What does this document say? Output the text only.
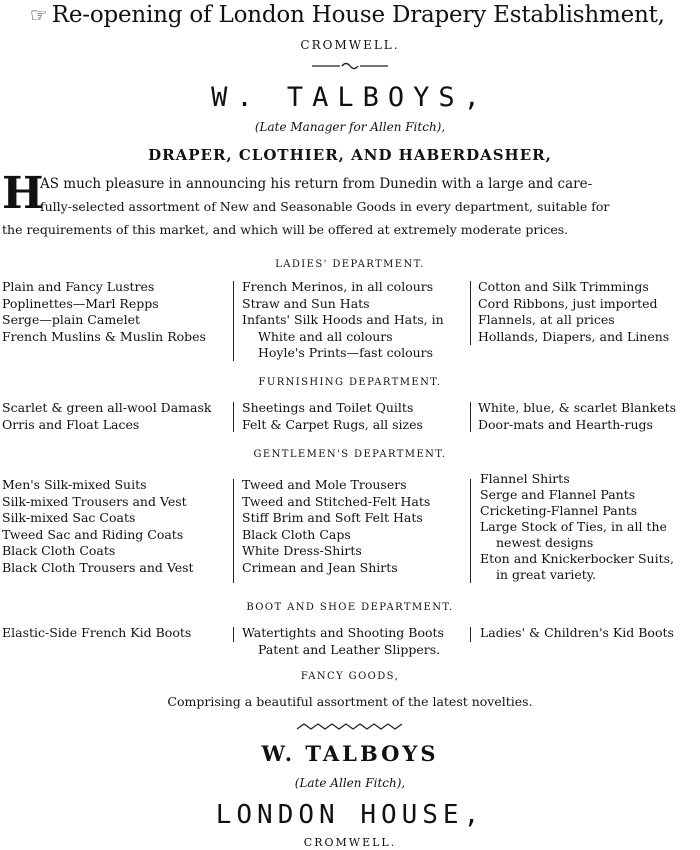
☜ Re-opening of London House Drapery Establishment,
CROMWELL.
W. TALBOYS,
(Late Manager for Allen Fitch),
DRAPER, CLOTHIER, AND HABERDASHER,
H
AS much pleasure in announcing his return from Dunedin with a large and care-
fully-selected assortment of New and Seasonable Goods in every department, suitable for
the requirements of this market, and which will be offered at extremely moderate prices.
LADIES' DEPARTMENT.
Plain and Fancy Lustres
Poplinettes—Marl Repps
Serge—plain Camelet
French Muslins & Muslin Robes
French Merinos, in all colours
Straw and Sun Hats
Infants' Silk Hoods and Hats, in
White and all colours
Hoyle's Prints—fast colours
Cotton and Silk Trimmings
Cord Ribbons, just imported
Flannels, at all prices
Hollands, Diapers, and Linens
FURNISHING DEPARTMENT.
Scarlet & green all-wool Damask
Orris and Float Laces
Sheetings and Toilet Quilts
Felt & Carpet Rugs, all sizes
White, blue, & scarlet Blankets
Door-mats and Hearth-rugs
GENTLEMEN'S DEPARTMENT.
Men's Silk-mixed Suits
Silk-mixed Trousers and Vest
Silk-mixed Sac Coats
Tweed Sac and Riding Coats
Black Cloth Coats
Black Cloth Trousers and Vest
Tweed and Mole Trousers
Tweed and Stitched-Felt Hats
Stiff Brim and Soft Felt Hats
Black Cloth Caps
White Dress-Shirts
Crimean and Jean Shirts
Flannel Shirts
Serge and Flannel Pants
Cricketing-Flannel Pants
Large Stock of Ties, in all the
newest designs
Eton and Knickerbocker Suits,
in great variety.
BOOT AND SHOE DEPARTMENT.
Elastic-Side French Kid Boots	Watertights and Shooting Boots
Patent and Leather Slippers.
Ladies' & Children's Kid Boots
FANCY GOODS,
Comprising a beautiful assortment of the latest novelties.
W. TALBOYS
(Late Allen Fitch),
LONDON HOUSE,
CROMWELL.
